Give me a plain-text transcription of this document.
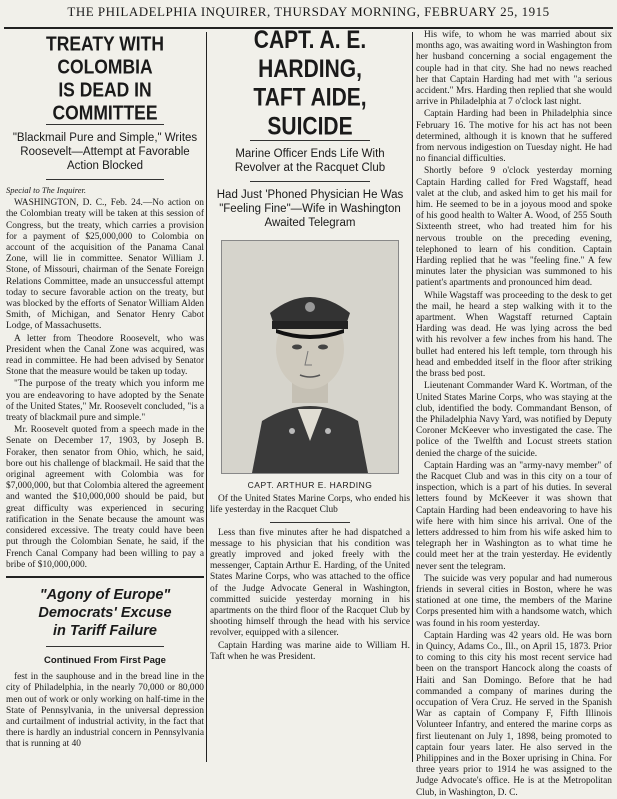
THE PHILADELPHIA INQUIRER, THURSDAY MORNING, FEBRUARY 25, 1915
TREATY WITH COLOMBIA
IS DEAD IN COMMITTEE
"Blackmail Pure and Simple," Writes Roosevelt—Attempt at Favorable Action Blocked
Special to The Inquirer.

WASHINGTON, D. C., Feb. 24.—No action on the Colombian treaty will be taken at this session of Congress, but the treaty, which carries a provision for a payment of $25,000,000 to Colombia on account of the acquisition of the Panama Canal Zone, will lie in committee. Senator William J. Stone, of Missouri, chairman of the Senate Foreign Relations Committee, made an unsuccessful attempt today to secure favorable action on the treaty, but was blocked by the efforts of Senator William Alden Smith, of Michigan, and Senator Henry Cabot Lodge, of Massachusetts.

A letter from Theodore Roosevelt, who was President when the Canal Zone was acquired, was read in committee. He had been advised by Senator Stone that the measure would be taken up today.

"The purpose of the treaty which you inform me you are endeavoring to have adopted by the Senate of the United States," Mr. Roosevelt concluded, "is a treaty of blackmail pure and simple."

Mr. Roosevelt quoted from a speech made in the Senate on December 17, 1903, by Joseph B. Foraker, then senator from Ohio, which, he said, bore out his challenge of blackmail. He said that the original agreement with Colombia was for $7,000,000, but that Colombia altered the agreement and wanted the $10,000,000 should be paid, but great difficulty was experienced in securing ratification in the Senate because the amount was considered excessive. The treaty could have been put through the Colombian Senate, he said, if the French Canal Company had been willing to pay a bribe of $10,000,000.

"Agony of Europe"
Democrats' Excuse
in Tariff Failure
Continued From First Page

fest in the sauphouse and in the bread line in the city of Philadelphia, in the nearly 70,000 or 80,000 men out of work or only working on half-time in the State of Pennsylvania, in the universal depression and curtailment of industrial activity, in the fact that there is hardly an industrial concern in Pennsylvania that is running at 40

CAPT. A. E. HARDING,
TAFT AIDE, SUICIDE
Marine Officer Ends Life With Revolver at the Racquet Club
Had Just 'Phoned Physician He Was "Feeling Fine"—Wife in Washington Awaited Telegram
CAPT. ARTHUR E. HARDING

Of the United States Marine Corps, who ended his life yesterday in the Racquet Club

Less than five minutes after he had dispatched a message to his physician that his condition was greatly improved and joked freely with the messenger, Captain Arthur E. Harding, of the United States Marine Corps, who was attached to the office of the Judge Advocate General in Washington, committed suicide yesterday morning in his apartments on the third floor of the Racquet Club by shooting himself through the head with his service revolver, equipped with a silencer.

Captain Harding was marine aide to William H. Taft when he was President.

His wife, to whom he was married about six months ago, was awaiting word in Washington from her husband concerning a social engagement the couple had in that city. She had no news reached her that Captain Harding had met with "a serious accident." Mrs. Harding then replied that she would arrive in Philadelphia at 7 o'clock last night.

Captain Harding had been in Philadelphia since February 16. The motive for his act has not been determined, although it is known that he suffered from nervous indigestion on Tuesday night. He had no financial difficulties.

Shortly before 9 o'clock yesterday morning Captain Harding called for Fred Wagstaff, head valet at the club, and asked him to get his mail for him. He seemed to be in a joyous mood and spoke of his good health to Walter A. Wood, of 255 South Sixteenth street, who had treated him for his nervous trouble on the preceding evening, telephoned to learn of his condition. Captain Harding replied that he was "feeling fine." A few minutes later the physician was summoned to his patient's apartments and pronounced him dead.

While Wagstaff was proceeding to the desk to get the mail, he heard a step walking with it to the apartment. When Wagstaff returned Captain Harding was dead. He was lying across the bed with his revolver a few inches from his hand. The bullet had entered his left temple, torn through his head and embedded itself in the floor after striking the brass bed post.

Lieutenant Commander Ward K. Wortman, of the United States Marine Corps, who was staying at the club, identified the body. Commandant Benson, of the Philadelphia Navy Yard, was notified by Deputy Coroner McKeever who investigated the case. The police of the Twelfth and Locust streets station denied the charge of the suicide.

Captain Harding was an "army-navy member" of the Racquet Club and was in this city on a tour of inspection, which is a part of his duties. In several letters found by McKeever it was shown that Captain Harding had been endeavoring to have his wife here with him since his arrival. One of the letters addressed to him from his wife asked him to telegraph her in Washington as to what time he could meet her at the train yesterday. He evidently never sent the telegram.

The suicide was very popular and had numerous friends in several cities in Boston, where he was stationed at one time, the members of the Marine Corps presented him with a handsome watch, which was found in his room yesterday.

Captain Harding was 42 years old. He was born in Quincy, Adams Co., Ill., on April 15, 1873. Prior to coming to this city his most recent service had been on the transport Hancock along the coasts of Haiti and San Domingo. Before that he had commanded a company of marines during the occupation of Vera Cruz. He served in the Spanish War as captain of Company F, Fifth Illinois Volunteer Infantry, and entered the marine corps as first lieutenant on July 1, 1898, being promoted to captain four years later. He also served in the Philippines and in the Boxer uprising in China. For three years prior to 1914 he was assigned to the Judge Advocate's office. He is at the Metropolitan Club, in Washington, D. C.
